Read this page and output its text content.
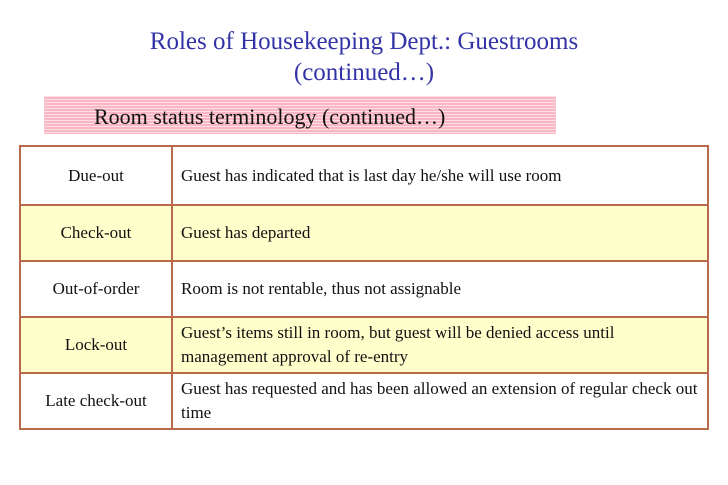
Roles of Housekeeping Dept.: Guestrooms
(continued…)
Room status terminology (continued…)
Due-out	Guest has indicated that is last day he/she will use room
Check-out	Guest has departed
Out-of-order	Room is not rentable, thus not assignable
Lock-out	Guest’s items still in room, but guest will be denied access until management approval of re-entry
Late check-out	Guest has requested and has been allowed an extension of regular check out time
